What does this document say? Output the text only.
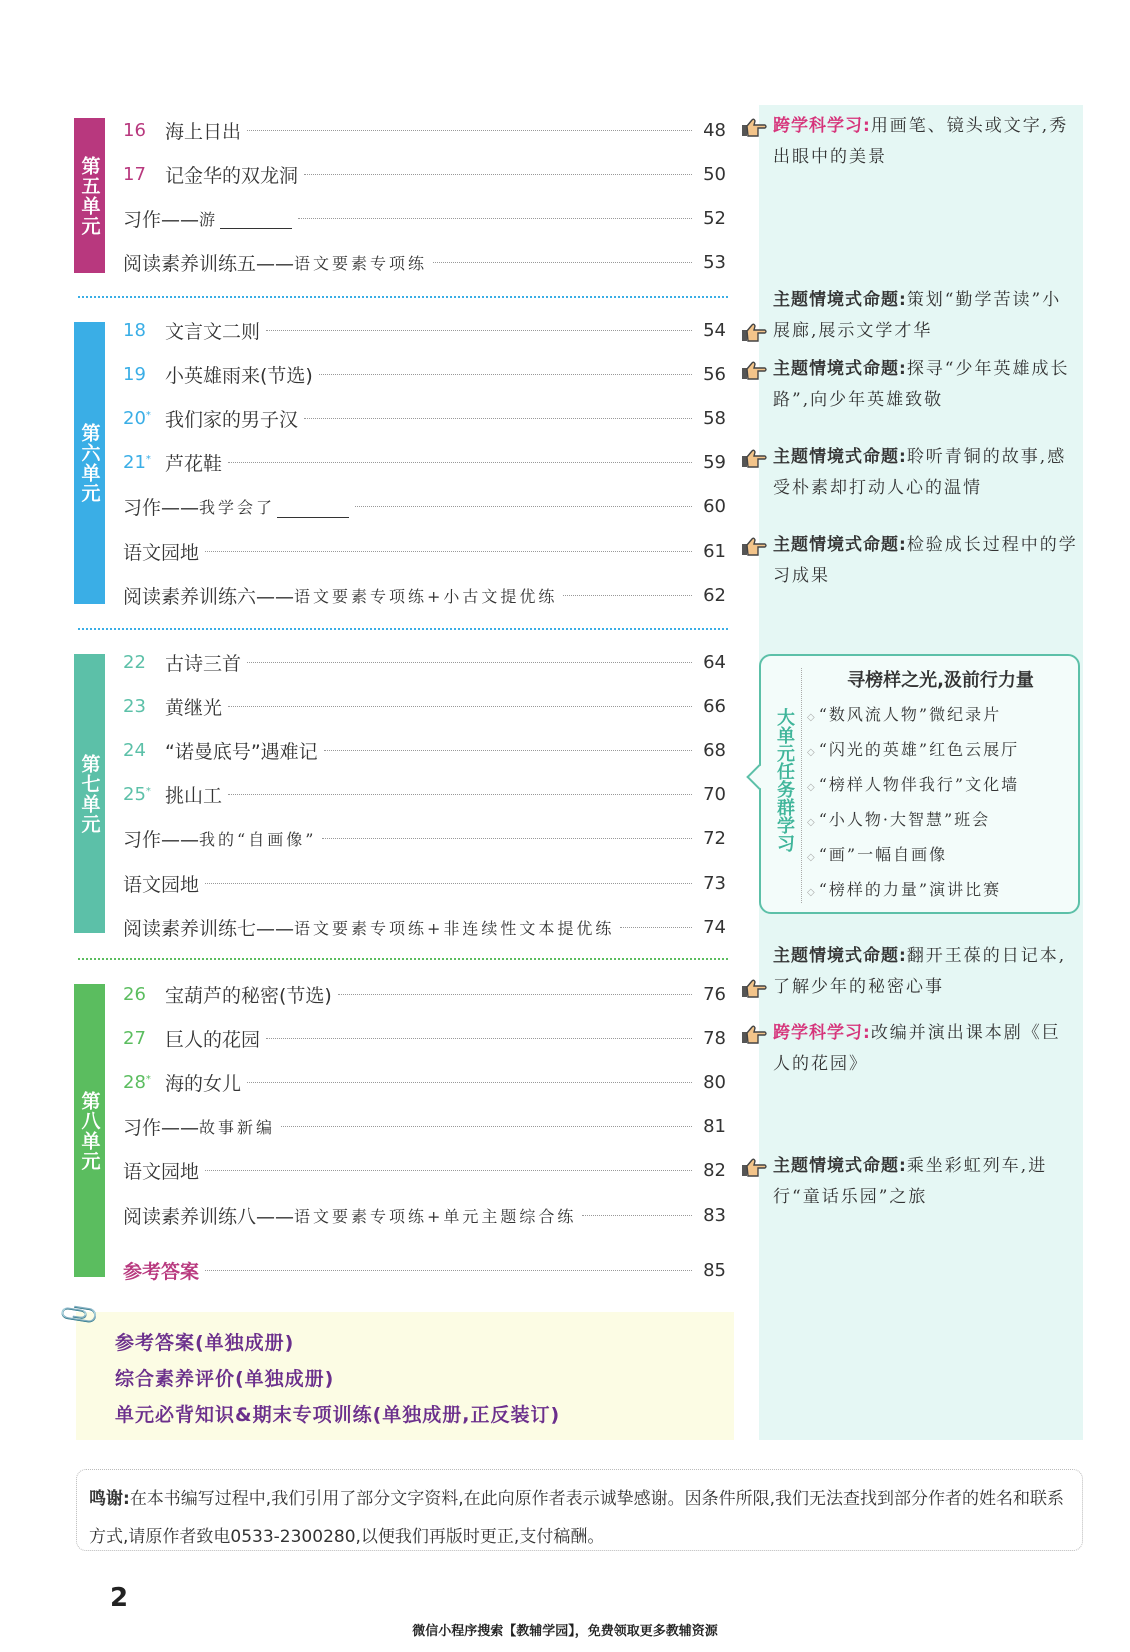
第五单元
16	海上日出	48
17	记金华的双龙洞	50
习作—— 游	52
阅读素养训练五—— 语文要素专项练	53
第六单元
18	文言文二则	54
19	小英雄雨来(节选)	56
20 * 我们家的男子汉	58
21 * 芦花鞋	59
习作—— 我学会了	60
语文园地	61
阅读素养训练六—— 语文要素专项练+小古文提优练	62
第七单元
22	古诗三首	64
23	黄继光	66
24	“诺曼底号”遇难记	68
25 * 挑山工	70
习作—— 我的“自画像”	72
语文园地	73
阅读素养训练七—— 语文要素专项练+非连续性文本提优练	74
第八单元
26	宝葫芦的秘密(节选)	76
27	巨人的花园	78
28 * 海的女儿	80
习作—— 故事新编	81
语文园地	82
阅读素养训练八—— 语文要素专项练+单元主题综合练	83
参考答案	85
跨学科学习:用画笔、镜头或文字,秀出眼中的美景
主题情境式命题:策划“勤学苦读”小展廊,展示文学才华
主题情境式命题:探寻“少年英雄成长路”,向少年英雄致敬
主题情境式命题:聆听青铜的故事,感受朴素却打动人心的温情
主题情境式命题:检验成长过程中的学习成果
主题情境式命题:翻开王葆的日记本,了解少年的秘密心事
跨学科学习:改编并演出课本剧《巨人的花园》
主题情境式命题:乘坐彩虹列车,进行“童话乐园”之旅
大单元任务群学习
寻榜样之光,汲前行力量
◇ “数风流人物”微纪录片
◇ “闪光的英雄”红色云展厅
◇ “榜样人物伴我行”文化墙
◇ “小人物·大智慧”班会
◇ “画”一幅自画像
◇ “榜样的力量”演讲比赛
参考答案(单独成册)
综合素养评价(单独成册)
单元必背知识&期末专项训练(单独成册,正反装订)
📎
鸣谢:在本书编写过程中,我们引用了部分文字资料,在此向原作者表示诚挚感谢。因条件所限,我们无法查找到部分作者的姓名和联系方式,请原作者致电0533-2300280,以便我们再版时更正,支付稿酬。
2
微信小程序搜索【教辅学园】，免费领取更多教辅资源
